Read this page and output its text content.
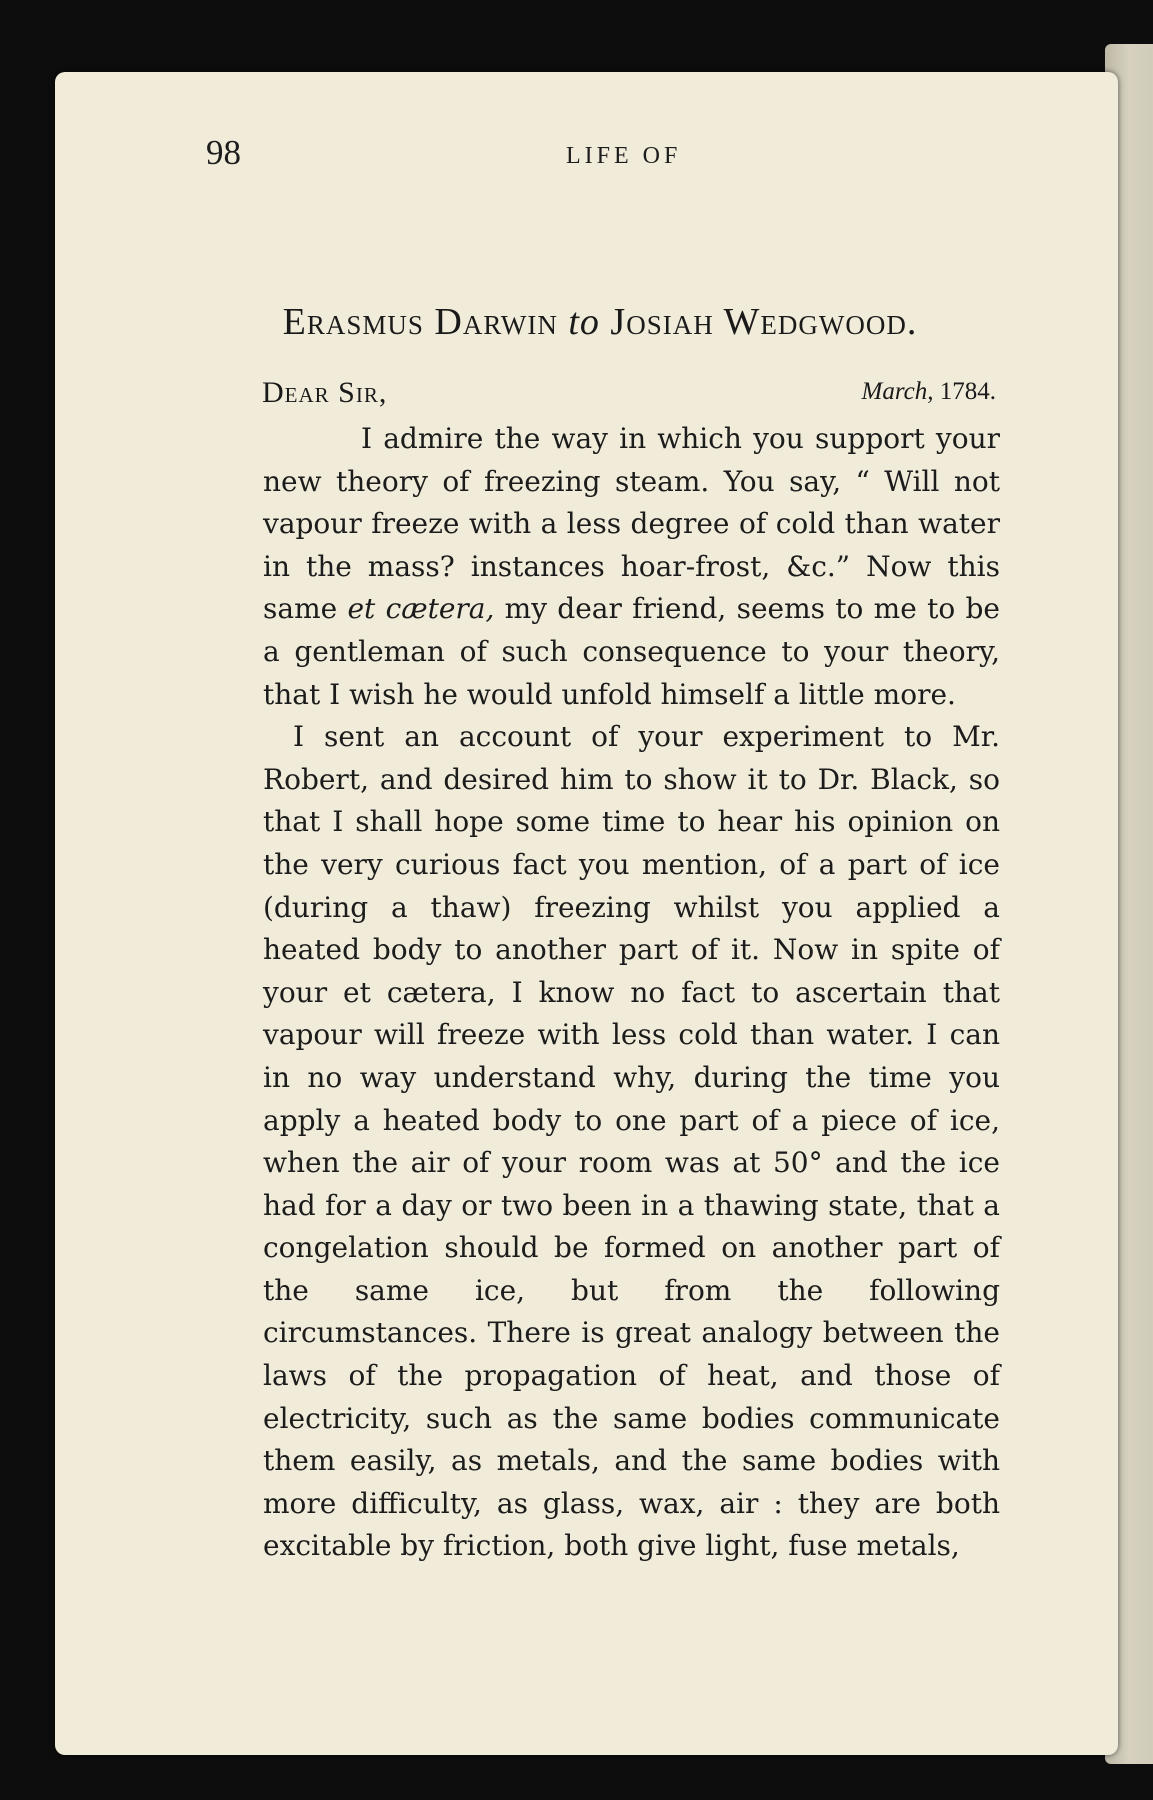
98	LIFE OF
Erasmus Darwin to Josiah Wedgwood.
Dear Sir,	March, 1784.

I admire the way in which you support your new theory of freezing steam. You say, “ Will not vapour freeze with a less degree of cold than water in the mass? instances hoar-frost, &c.” Now this same et cætera, my dear friend, seems to me to be a gentleman of such consequence to your theory, that I wish he would unfold himself a little more.

I sent an account of your experiment to Mr. Robert, and desired him to show it to Dr. Black, so that I shall hope some time to hear his opinion on the very curious fact you mention, of a part of ice (during a thaw) freezing whilst you applied a heated body to another part of it. Now in spite of your et cætera, I know no fact to ascertain that vapour will freeze with less cold than water. I can in no way understand why, during the time you apply a heated body to one part of a piece of ice, when the air of your room was at 50° and the ice had for a day or two been in a thawing state, that a congelation should be formed on another part of the same ice, but from the following circumstances. There is great analogy between the laws of the propagation of heat, and those of electricity, such as the same bodies communicate them easily, as metals, and the same bodies with more difficulty, as glass, wax, air : they are both excitable by friction, both give light, fuse metals,
